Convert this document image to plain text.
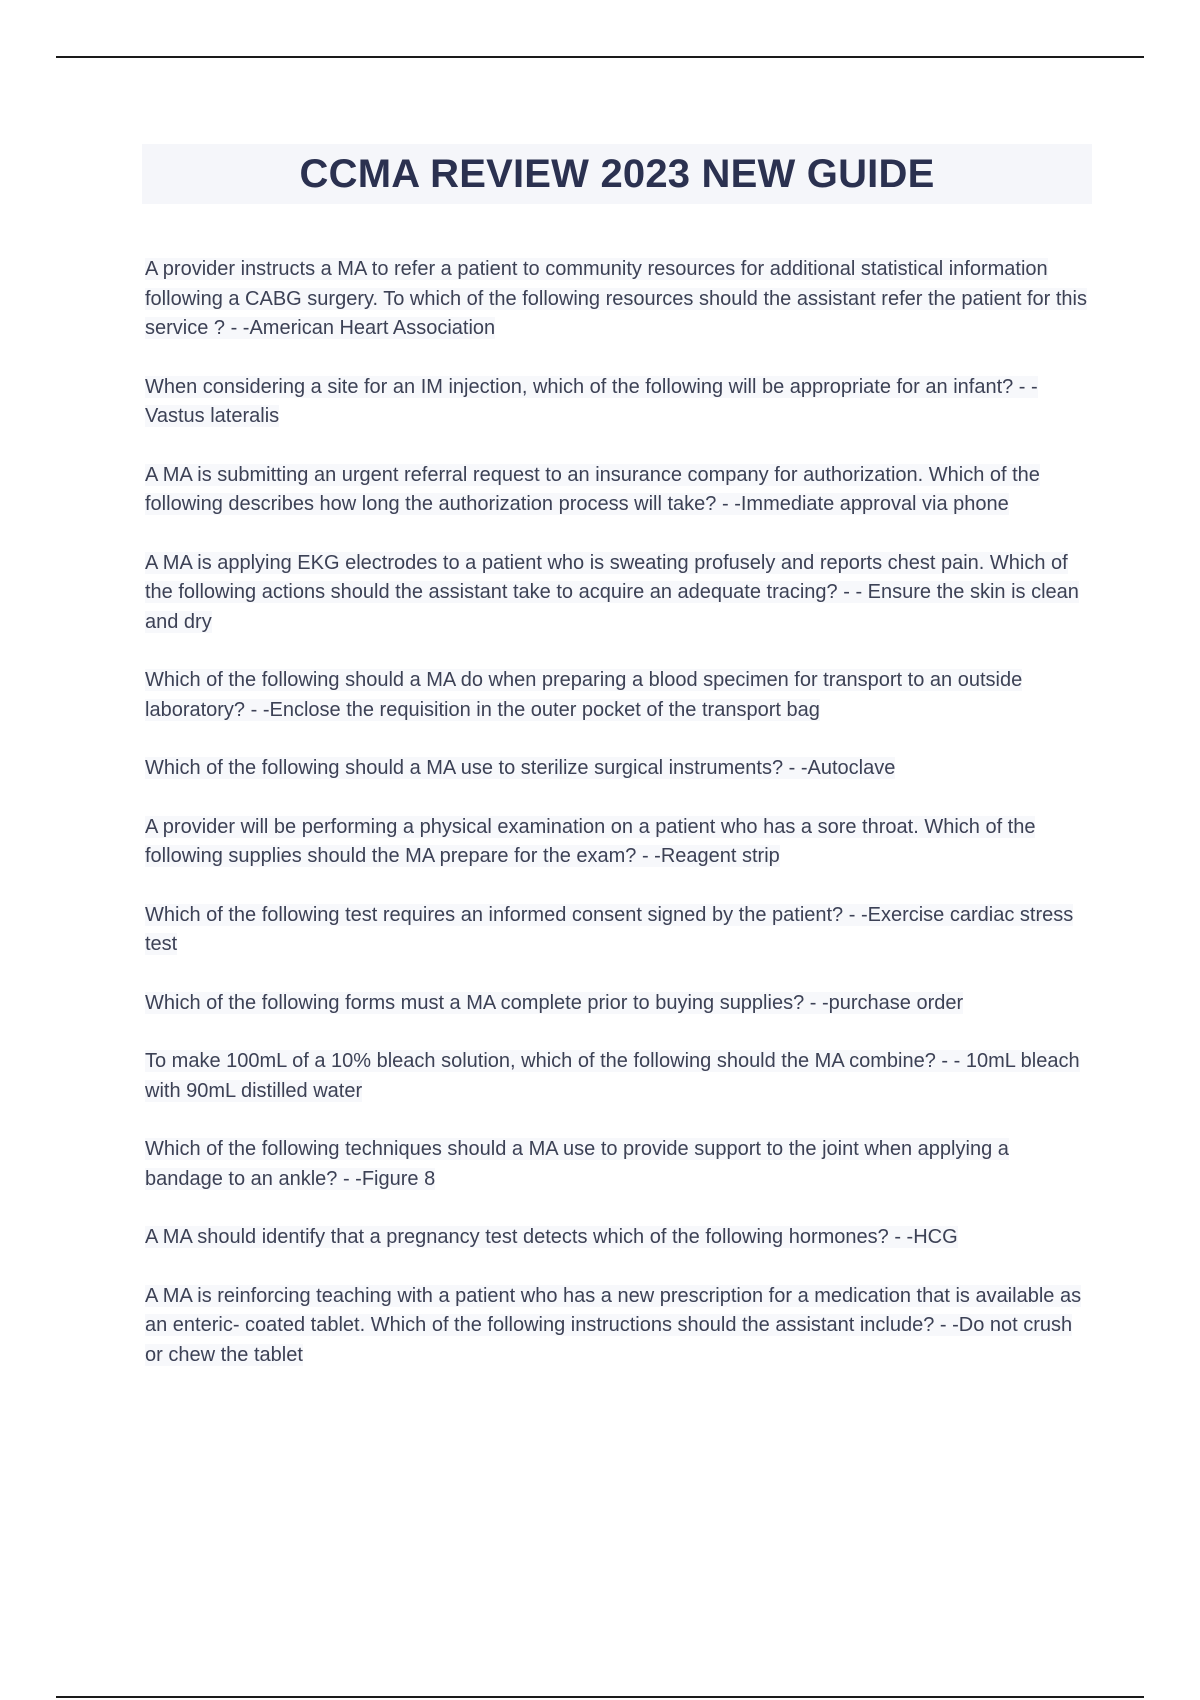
CCMA REVIEW 2023 NEW GUIDE

A provider instructs a MA to refer a patient to community resources for additional statistical information following a CABG surgery. To which of the following resources should the assistant refer the patient for this service ? - -American Heart Association

When considering a site for an IM injection, which of the following will be appropriate for an infant? - -Vastus lateralis

A MA is submitting an urgent referral request to an insurance company for authorization. Which of the following describes how long the authorization process will take? - -Immediate approval via phone

A MA is applying EKG electrodes to a patient who is sweating profusely and reports chest pain. Which of the following actions should the assistant take to acquire an adequate tracing? - - Ensure the skin is clean and dry

Which of the following should a MA do when preparing a blood specimen for transport to an outside laboratory? - -Enclose the requisition in the outer pocket of the transport bag

Which of the following should a MA use to sterilize surgical instruments? - -Autoclave

A provider will be performing a physical examination on a patient who has a sore throat. Which of the following supplies should the MA prepare for the exam? - -Reagent strip

Which of the following test requires an informed consent signed by the patient? - -Exercise cardiac stress test

Which of the following forms must a MA complete prior to buying supplies? - -purchase order

To make 100mL of a 10% bleach solution, which of the following should the MA combine? - - 10mL bleach with 90mL distilled water

Which of the following techniques should a MA use to provide support to the joint when applying a bandage to an ankle? - -Figure 8

A MA should identify that a pregnancy test detects which of the following hormones? - -HCG

A MA is reinforcing teaching with a patient who has a new prescription for a medication that is available as an enteric- coated tablet. Which of the following instructions should the assistant include? - -Do not crush or chew the tablet
